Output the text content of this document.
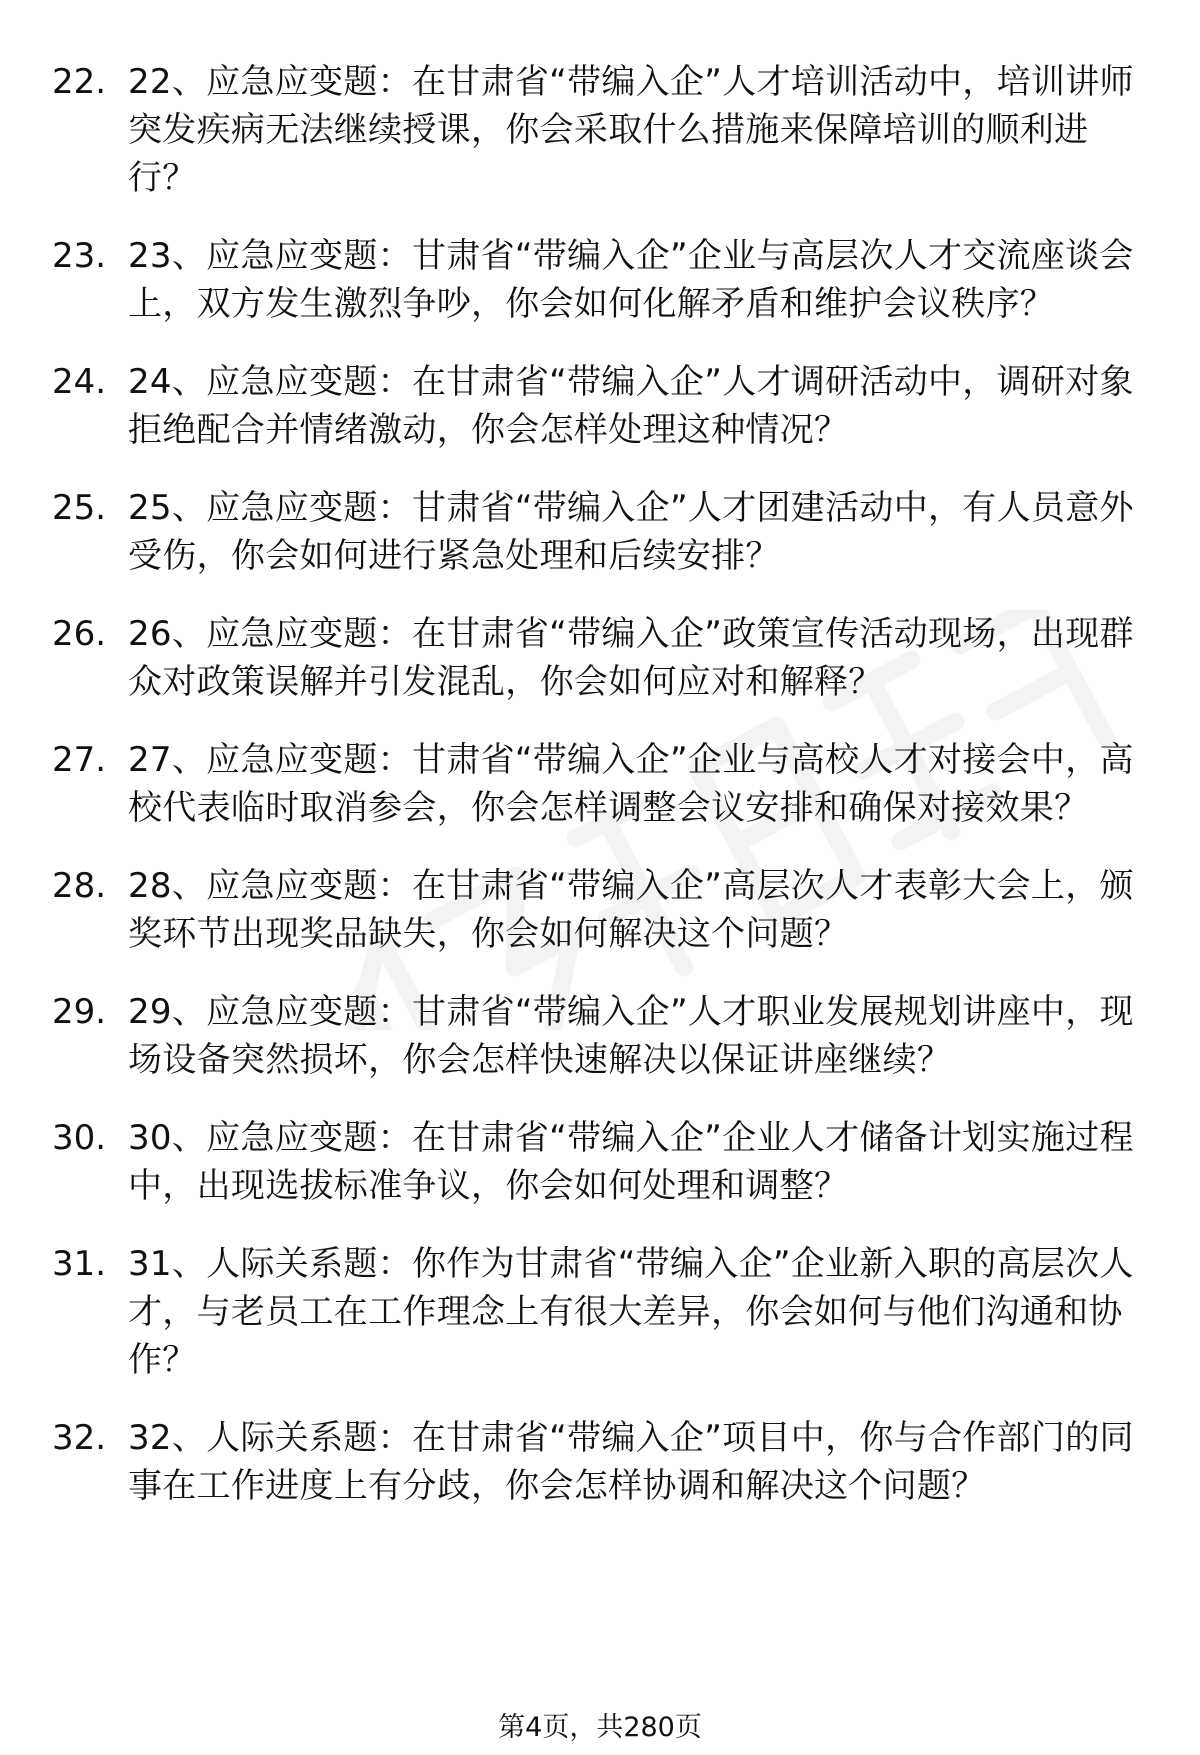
22. 22、应急应变题：在甘肃省“带编入企”人才培训活动中，培训讲师突发疾病无法继续授课，你会采取什么措施来保障培训的顺利进行？
23. 23、应急应变题：甘肃省“带编入企”企业与高层次人才交流座谈会上，双方发生激烈争吵，你会如何化解矛盾和维护会议秩序？
24. 24、应急应变题：在甘肃省“带编入企”人才调研活动中，调研对象拒绝配合并情绪激动，你会怎样处理这种情况？
25. 25、应急应变题：甘肃省“带编入企”人才团建活动中，有人员意外受伤，你会如何进行紧急处理和后续安排？
26. 26、应急应变题：在甘肃省“带编入企”政策宣传活动现场，出现群众对政策误解并引发混乱，你会如何应对和解释？
27. 27、应急应变题：甘肃省“带编入企”企业与高校人才对接会中，高校代表临时取消参会，你会怎样调整会议安排和确保对接效果？
28. 28、应急应变题：在甘肃省“带编入企”高层次人才表彰大会上，颁奖环节出现奖品缺失，你会如何解决这个问题？
29. 29、应急应变题：甘肃省“带编入企”人才职业发展规划讲座中，现场设备突然损坏，你会怎样快速解决以保证讲座继续？
30. 30、应急应变题：在甘肃省“带编入企”企业人才储备计划实施过程中，出现选拔标准争议，你会如何处理和调整？
31. 31、人际关系题：你作为甘肃省“带编入企”企业新入职的高层次人才，与老员工在工作理念上有很大差异，你会如何与他们沟通和协作？
32. 32、人际关系题：在甘肃省“带编入企”项目中，你与合作部门的同事在工作进度上有分歧，你会怎样协调和解决这个问题？
第4页，共280页
